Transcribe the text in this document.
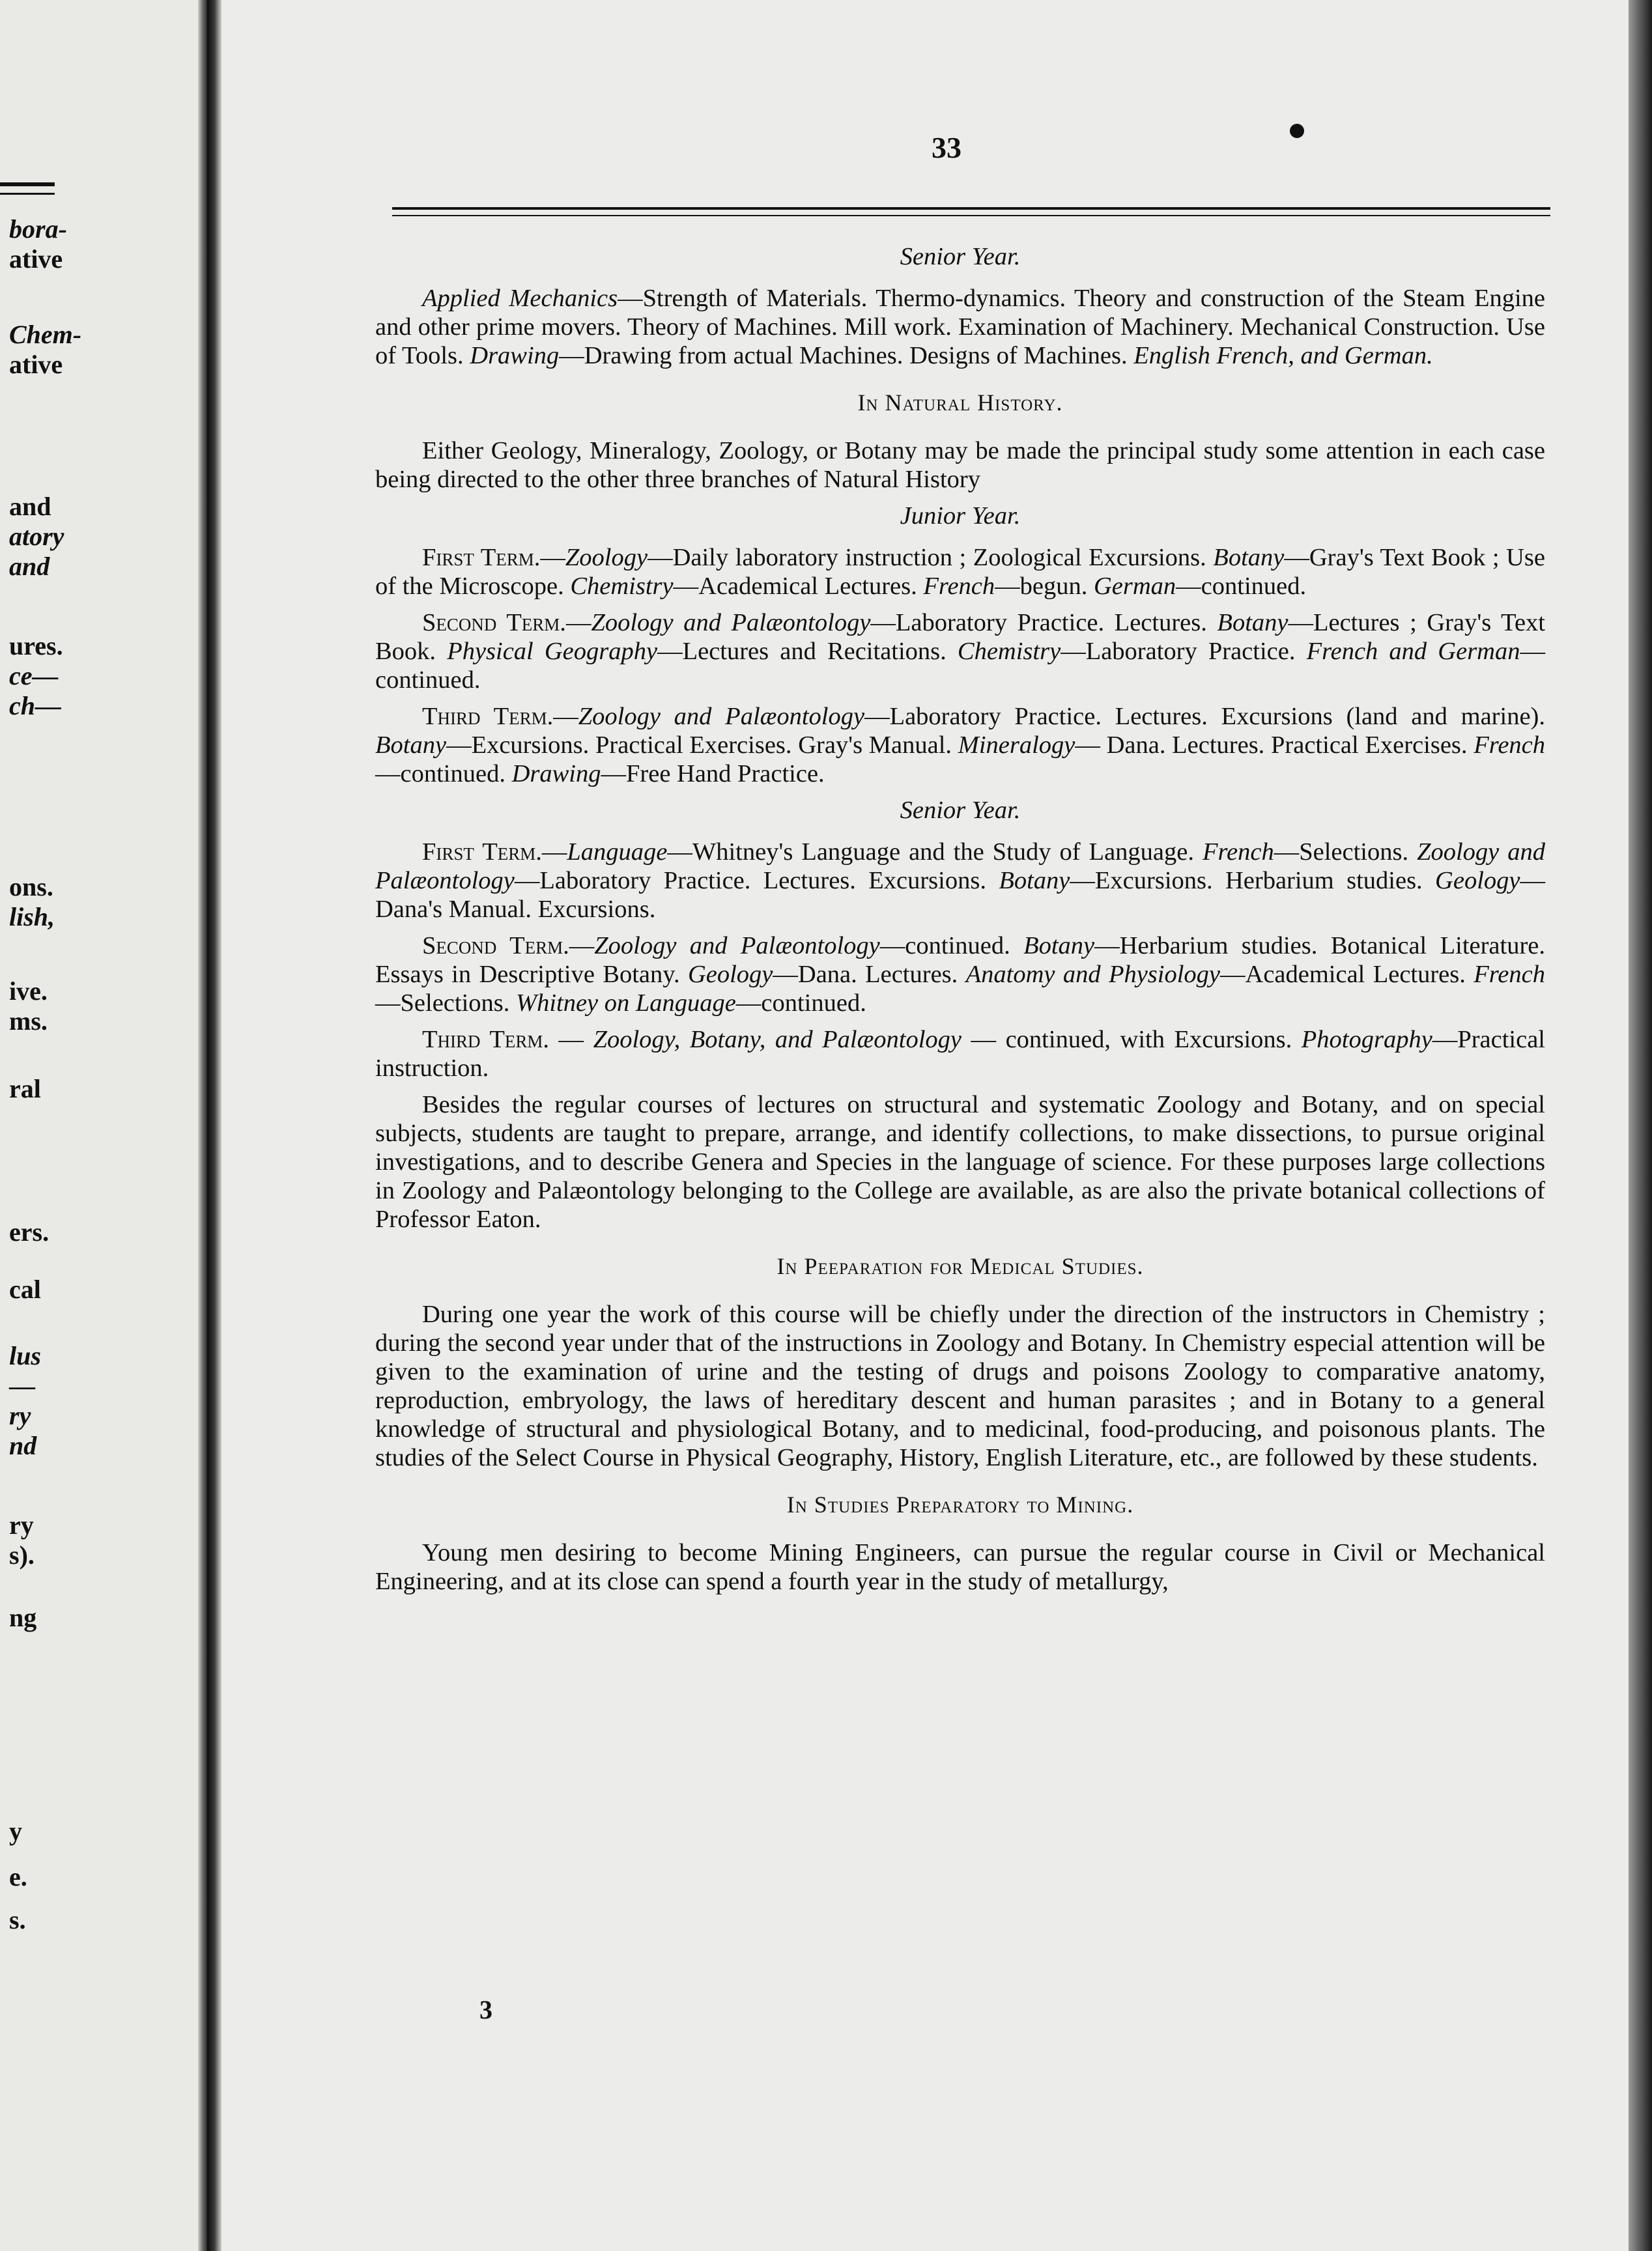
bora-
ative
Chem-
ative
and
atory
and
ures.
ce—
ch—
ons.
lish,
ive.
ms.
ral
ers.
cal
lus
—
ry
nd
ry
s).
ng
y
e.
s.
33
Senior Year.
Applied Mechanics—Strength of Materials. Thermo-dynamics. Theory and construction of the Steam Engine and other prime movers. Theory of Machines. Mill work. Examination of Machinery. Mechanical Construction. Use of Tools. Drawing—Drawing from actual Machines. Designs of Machines. English French, and German.
In Natural History.

Either Geology, Mineralogy, Zoology, or Botany may be made the principal study some attention in each case being directed to the other three branches of Natural History

Junior Year.
First Term.—Zoology—Daily laboratory instruction ; Zoological Excursions. Botany—Gray's Text Book ; Use of the Microscope. Chemistry—Academical Lectures. French—begun. German—continued.
Second Term.—Zoology and Palæontology—Laboratory Practice. Lectures. Botany—Lectures ; Gray's Text Book. Physical Geography—Lectures and Recitations. Chemistry—Laboratory Practice. French and German—continued.
Third Term.—Zoology and Palæontology—Laboratory Practice. Lectures. Excursions (land and marine). Botany—Excursions. Practical Exercises. Gray's Manual. Mineralogy— Dana. Lectures. Practical Exercises. French—continued. Drawing—Free Hand Practice.
Senior Year.
First Term.—Language—Whitney's Language and the Study of Language. French—Selections. Zoology and Palæontology—Laboratory Practice. Lectures. Excursions. Botany—Excursions. Herbarium studies. Geology—Dana's Manual. Excursions.
Second Term.—Zoology and Palæontology—continued. Botany—Herbarium studies. Botanical Literature. Essays in Descriptive Botany. Geology—Dana. Lectures. Anatomy and Physiology—Academical Lectures. French—Selections. Whitney on Language—continued.
Third Term. — Zoology, Botany, and Palæontology — continued, with Excursions. Photography—Practical instruction.

Besides the regular courses of lectures on structural and systematic Zoology and Botany, and on special subjects, students are taught to prepare, arrange, and identify collections, to make dissections, to pursue original investigations, and to describe Genera and Species in the language of science. For these purposes large collections in Zoology and Palæontology belonging to the College are available, as are also the private botanical collections of Professor Eaton.

In Peeparation for Medical Studies.

During one year the work of this course will be chiefly under the direction of the instructors in Chemistry ; during the second year under that of the instructions in Zoology and Botany. In Chemistry especial attention will be given to the examination of urine and the testing of drugs and poisons Zoology to comparative anatomy, reproduction, embryology, the laws of hereditary descent and human parasites ; and in Botany to a general knowledge of structural and physiological Botany, and to medicinal, food-producing, and poisonous plants. The studies of the Select Course in Physical Geography, History, English Literature, etc., are followed by these students.

In Studies Preparatory to Mining.

Young men desiring to become Mining Engineers, can pursue the regular course in Civil or Mechanical Engineering, and at its close can spend a fourth year in the study of metallurgy,

3
